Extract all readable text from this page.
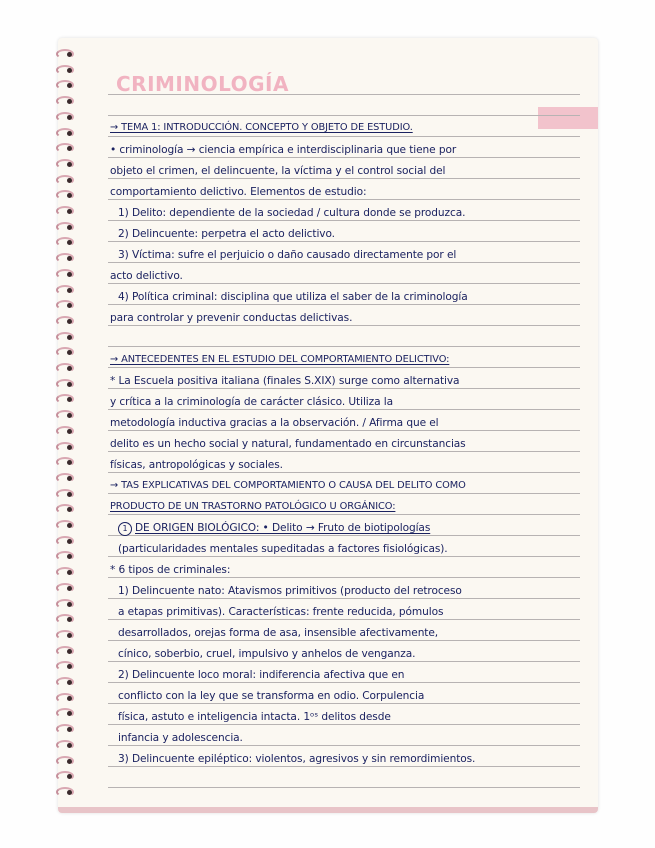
CRIMINOLOGÍA
→ TEMA 1: INTRODUCCIÓN. CONCEPTO Y OBJETO DE ESTUDIO.
• criminología → ciencia empírica e interdisciplinaria que tiene por
objeto el crimen, el delincuente, la víctima y el control social del
comportamiento delictivo. Elementos de estudio:
1) Delito: dependiente de la sociedad / cultura donde se produzca.
2) Delincuente: perpetra el acto delictivo.
3) Víctima: sufre el perjuicio o daño causado directamente por el
acto delictivo.
4) Política criminal: disciplina que utiliza el saber de la criminología
para controlar y prevenir conductas delictivas.
→ ANTECEDENTES EN EL ESTUDIO DEL COMPORTAMIENTO DELICTIVO:
* La Escuela positiva italiana (finales S.XIX) surge como alternativa
y crítica a la criminología de carácter clásico. Utiliza la
metodología inductiva gracias a la observación. / Afirma que el
delito es un hecho social y natural, fundamentado en circunstancias
físicas, antropológicas y sociales.
→ TAS EXPLICATIVAS DEL COMPORTAMIENTO O CAUSA DEL DELITO COMO
PRODUCTO DE UN TRASTORNO PATOLÓGICO U ORGÁNICO:
1 DE ORIGEN BIOLÓGICO: • Delito → Fruto de biotipologías
(particularidades mentales supeditadas a factores fisiológicas).
* 6 tipos de criminales:
1) Delincuente nato: Atavismos primitivos (producto del retroceso
a etapas primitivas). Características: frente reducida, pómulos
desarrollados, orejas forma de asa, insensible afectivamente,
cínico, soberbio, cruel, impulsivo y anhelos de venganza.
2) Delincuente loco moral: indiferencia afectiva que en
conflicto con la ley que se transforma en odio. Corpulencia
física, astuto e inteligencia intacta. 1ᵒˢ delitos desde
infancia y adolescencia.
3) Delincuente epiléptico: violentos, agresivos y sin remordimientos.
